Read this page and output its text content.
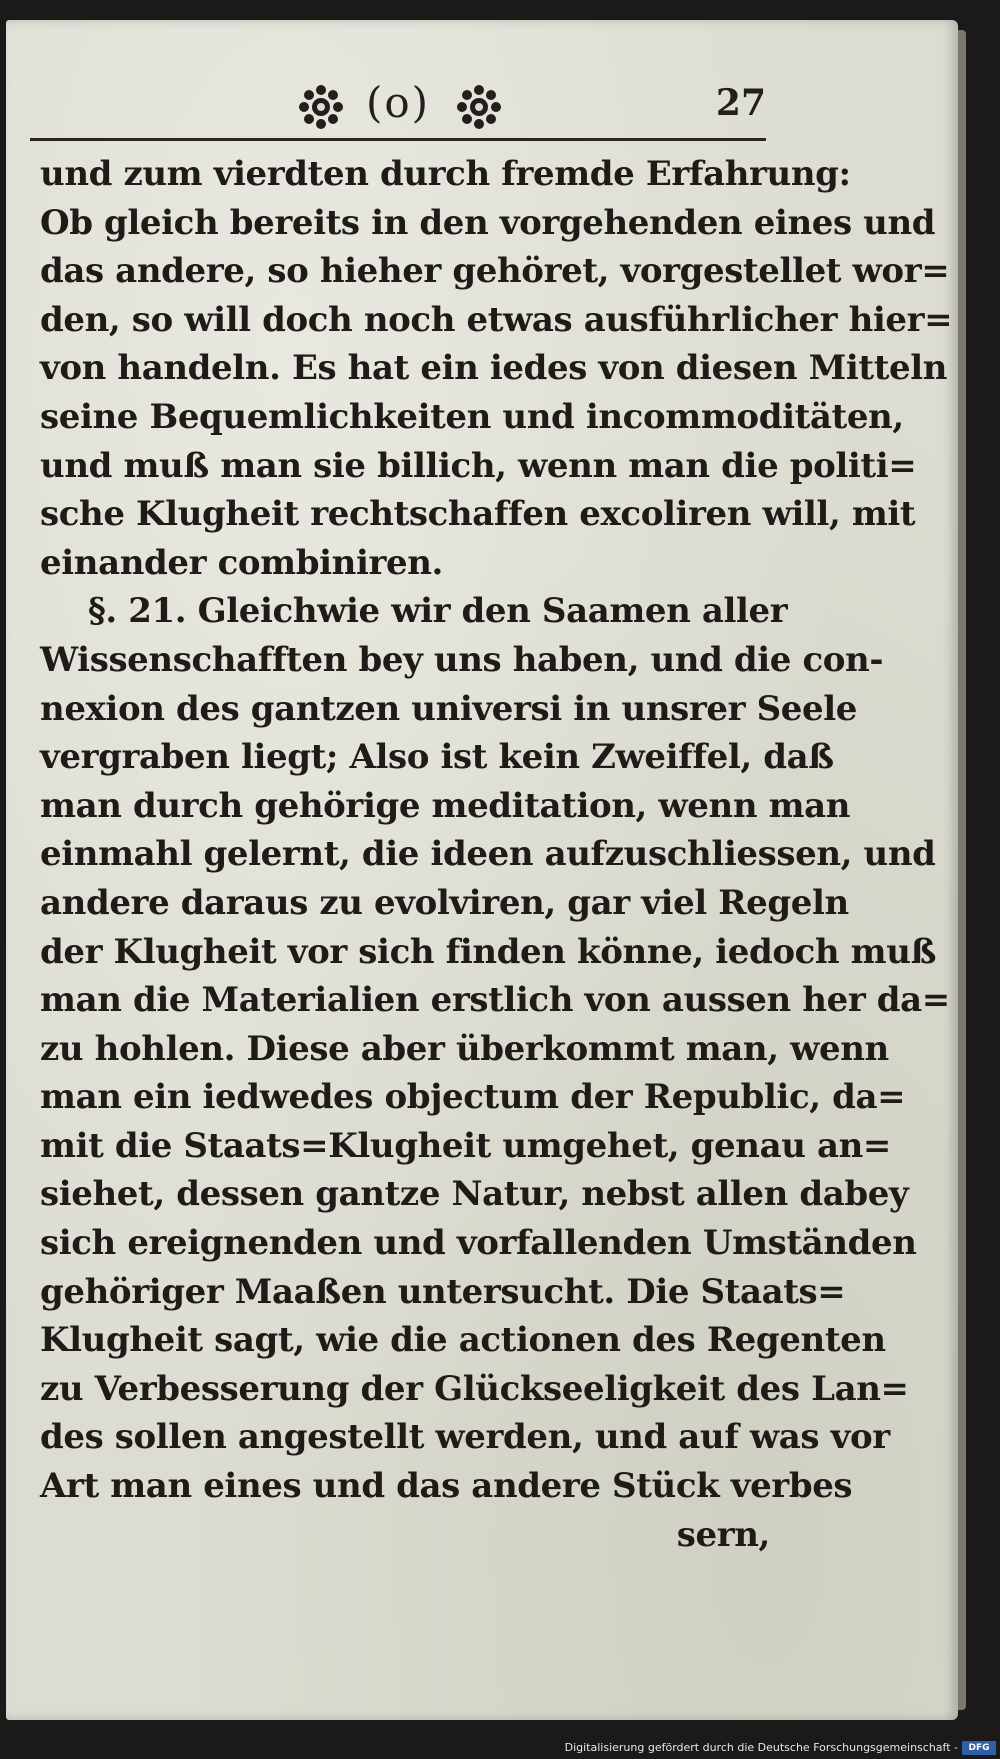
(o)	27
und zum vierdten durch fremde Erfahrung:
Ob gleich bereits in den vorgehenden eines und
das andere, so hieher gehöret, vorgestellet wor=
den, so will doch noch etwas ausführlicher hier=
von handeln. Es hat ein iedes von diesen Mitteln
seine Bequemlichkeiten und incommoditäten,
und muß man sie billich, wenn man die politi=
sche Klugheit rechtschaffen excoliren will, mit
einander combiniren.
§. 21. Gleichwie wir den Saamen aller
Wissenschafften bey uns haben, und die con-
nexion des gantzen universi in unsrer Seele
vergraben liegt; Also ist kein Zweiffel, daß
man durch gehörige meditation, wenn man
einmahl gelernt, die ideen aufzuschliessen, und
andere daraus zu evolviren, gar viel Regeln
der Klugheit vor sich finden könne, iedoch muß
man die Materialien erstlich von aussen her da=
zu hohlen. Diese aber überkommt man, wenn
man ein iedwedes objectum der Republic, da=
mit die Staats=Klugheit umgehet, genau an=
siehet, dessen gantze Natur, nebst allen dabey
sich ereignenden und vorfallenden Umständen
gehöriger Maaßen untersucht. Die Staats=
Klugheit sagt, wie die actionen des Regenten
zu Verbesserung der Glückseeligkeit des Lan=
des sollen angestellt werden, und auf was vor
Art man eines und das andere Stück verbes
sern,
Digitalisierung gefördert durch die Deutsche Forschungsgemeinschaft -	DFG
